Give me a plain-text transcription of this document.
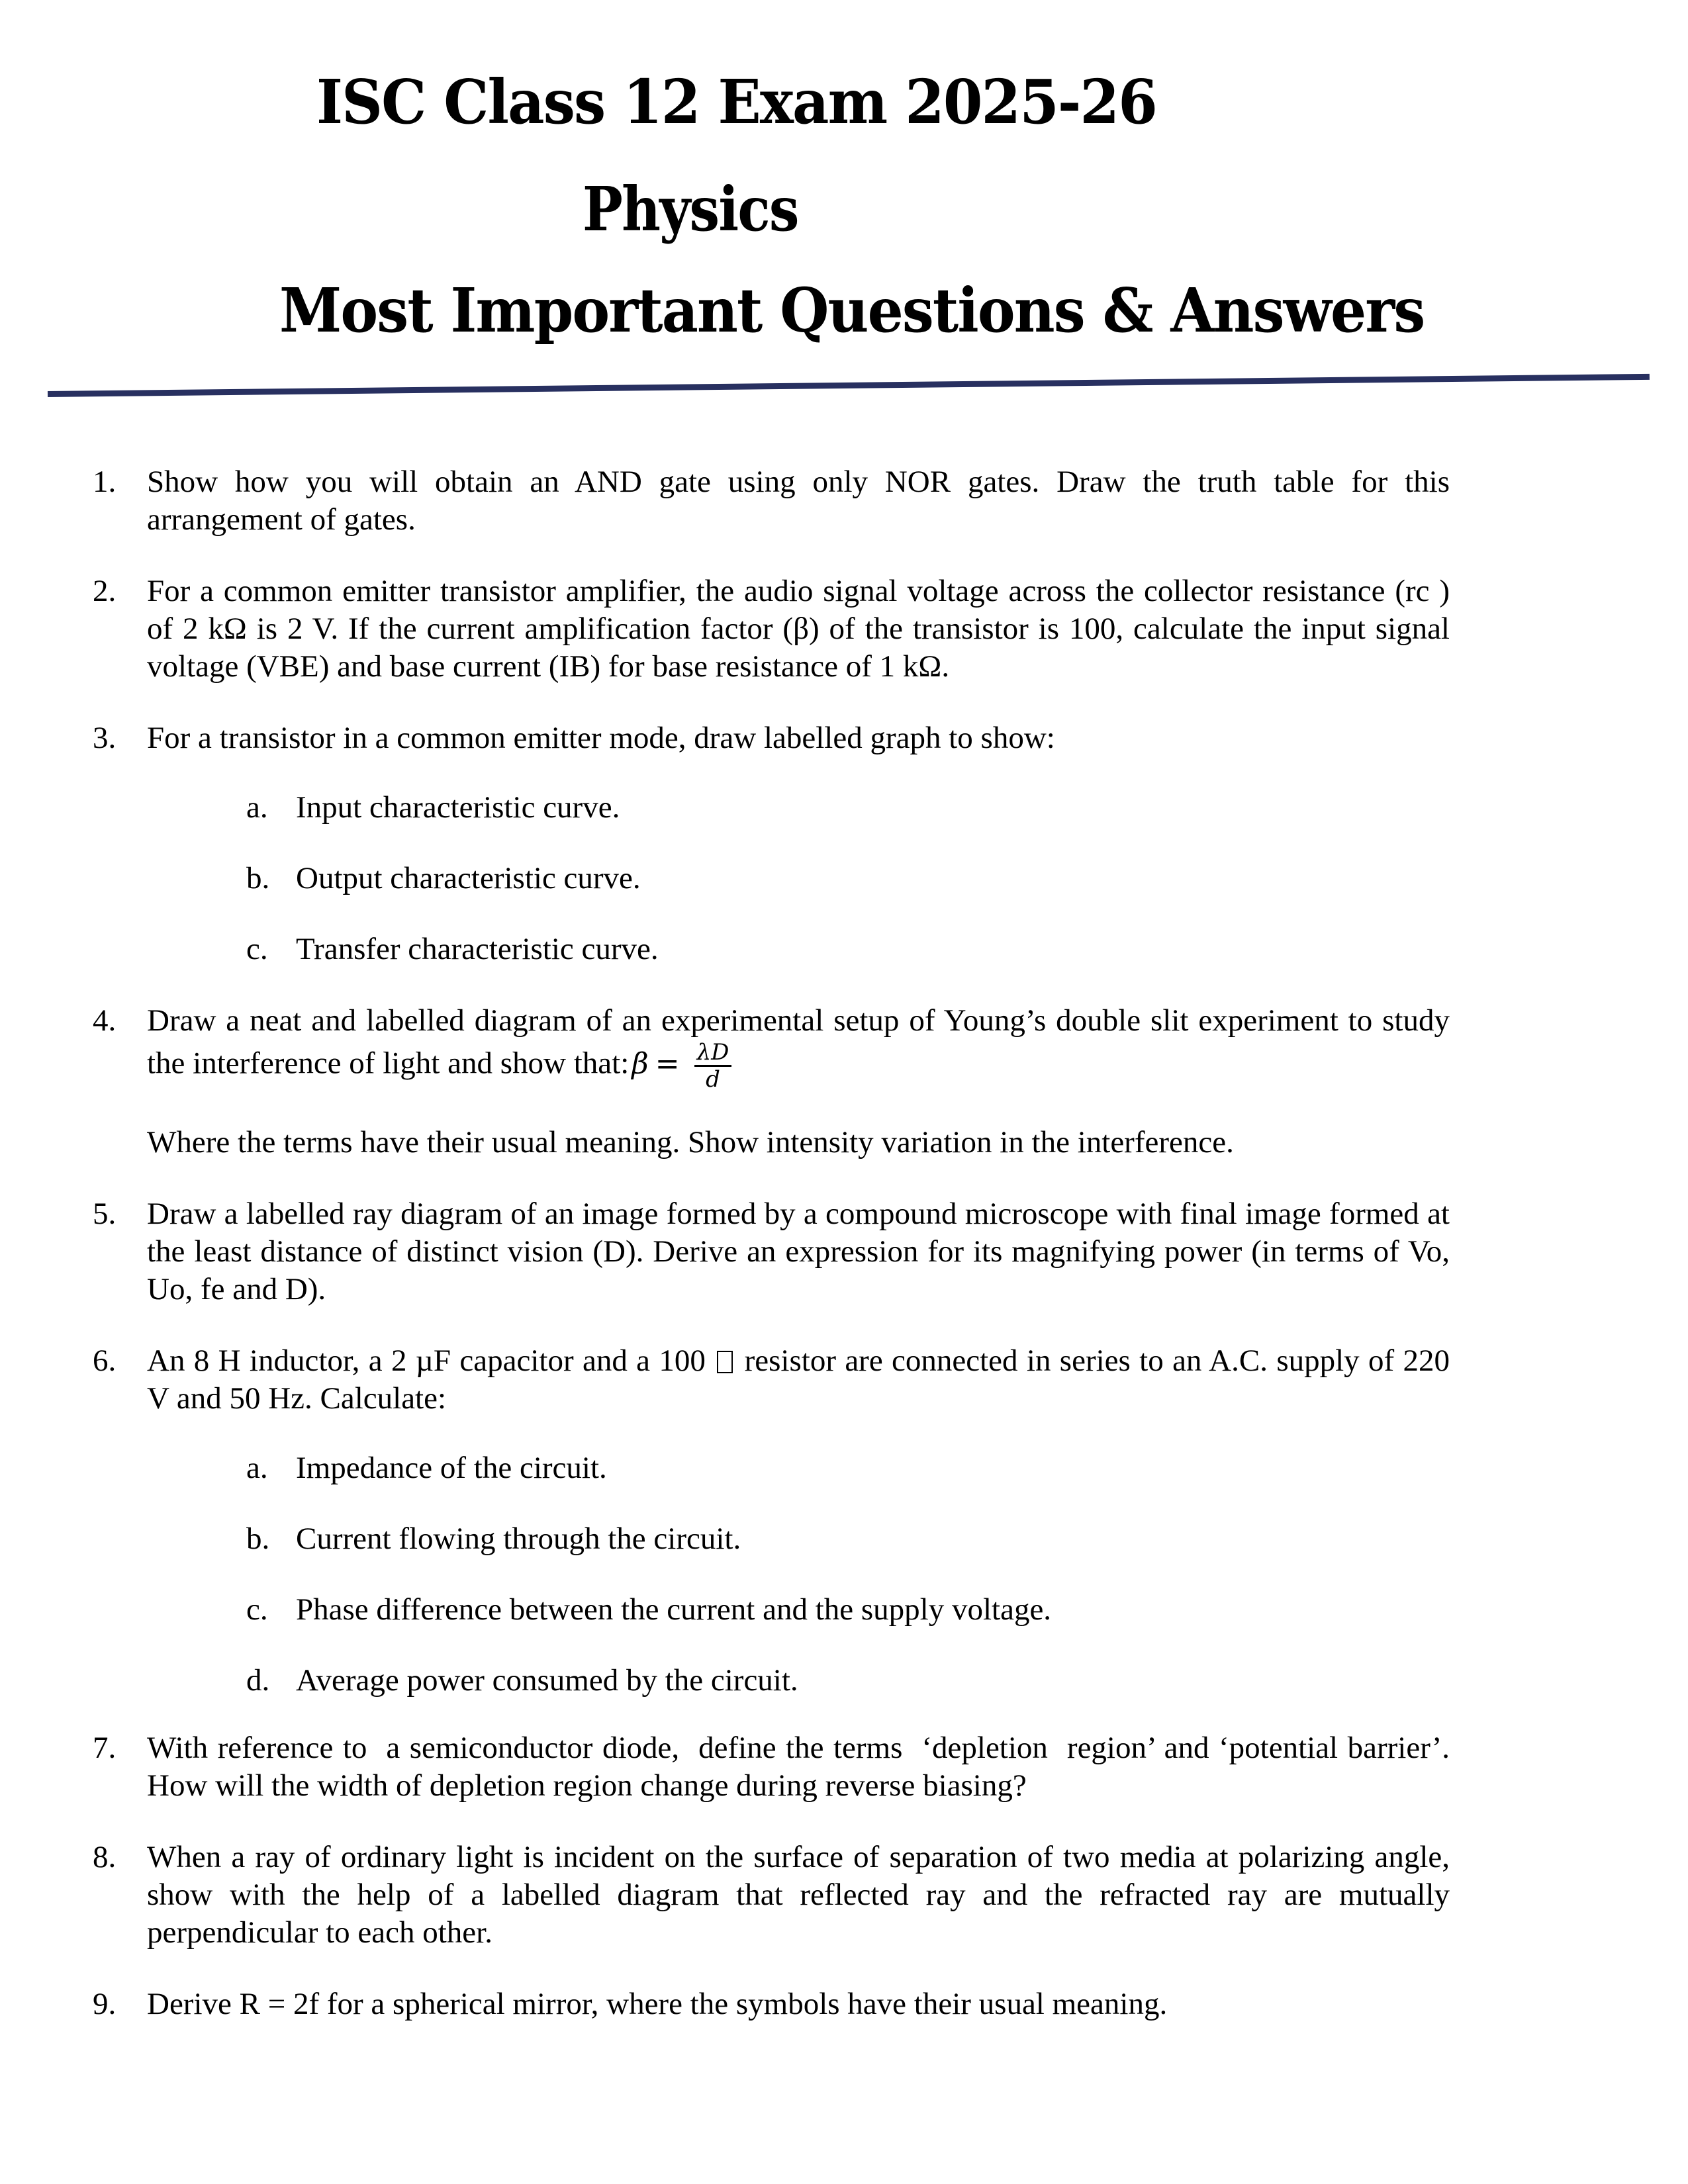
ISC Class 12 Exam 2025-26
Physics
Most Important Questions & Answers
1. Show how you will obtain an AND gate using only NOR gates. Draw the truth table for this arrangement of gates.
2. For a common emitter transistor amplifier, the audio signal voltage across the collector resistance (rc ) of 2 kΩ is 2 V. If the current amplification factor (β) of the transistor is 100, calculate the input signal voltage (VBE) and base current (IB) for base resistance of 1 kΩ.
3. For a transistor in a common emitter mode, draw labelled graph to show:
a. Input characteristic curve.
b. Output characteristic curve.
c. Transfer characteristic curve.
4. Draw a neat and labelled diagram of an experimental setup of Young’s double slit experiment to study the interference of light and show that:β = $\frac{\lambda D}{d}$
Where the terms have their usual meaning. Show intensity variation in the interference.
5. Draw a labelled ray diagram of an image formed by a compound microscope with final image formed at the least distance of distinct vision (D). Derive an expression for its magnifying power (in terms of Vo, Uo, fe and D).
6. An 8 H inductor, a 2 µF capacitor and a 100 resistor are connected in series to an A.C. supply of 220 V and 50 Hz. Calculate:
a. Impedance of the circuit.
b. Current flowing through the circuit.
c. Phase difference between the current and the supply voltage.
d. Average power consumed by the circuit.
7. With reference to  a semiconductor diode,  define the terms  ‘depletion  region’ and ‘potential barrier’. How will the width of depletion region change during reverse biasing?
8. When a ray of ordinary light is incident on the surface of separation of two media at polarizing angle, show with the help of a labelled diagram that reflected ray and the refracted ray are mutually perpendicular to each other.
9. Derive R = 2f for a spherical mirror, where the symbols have their usual meaning.
